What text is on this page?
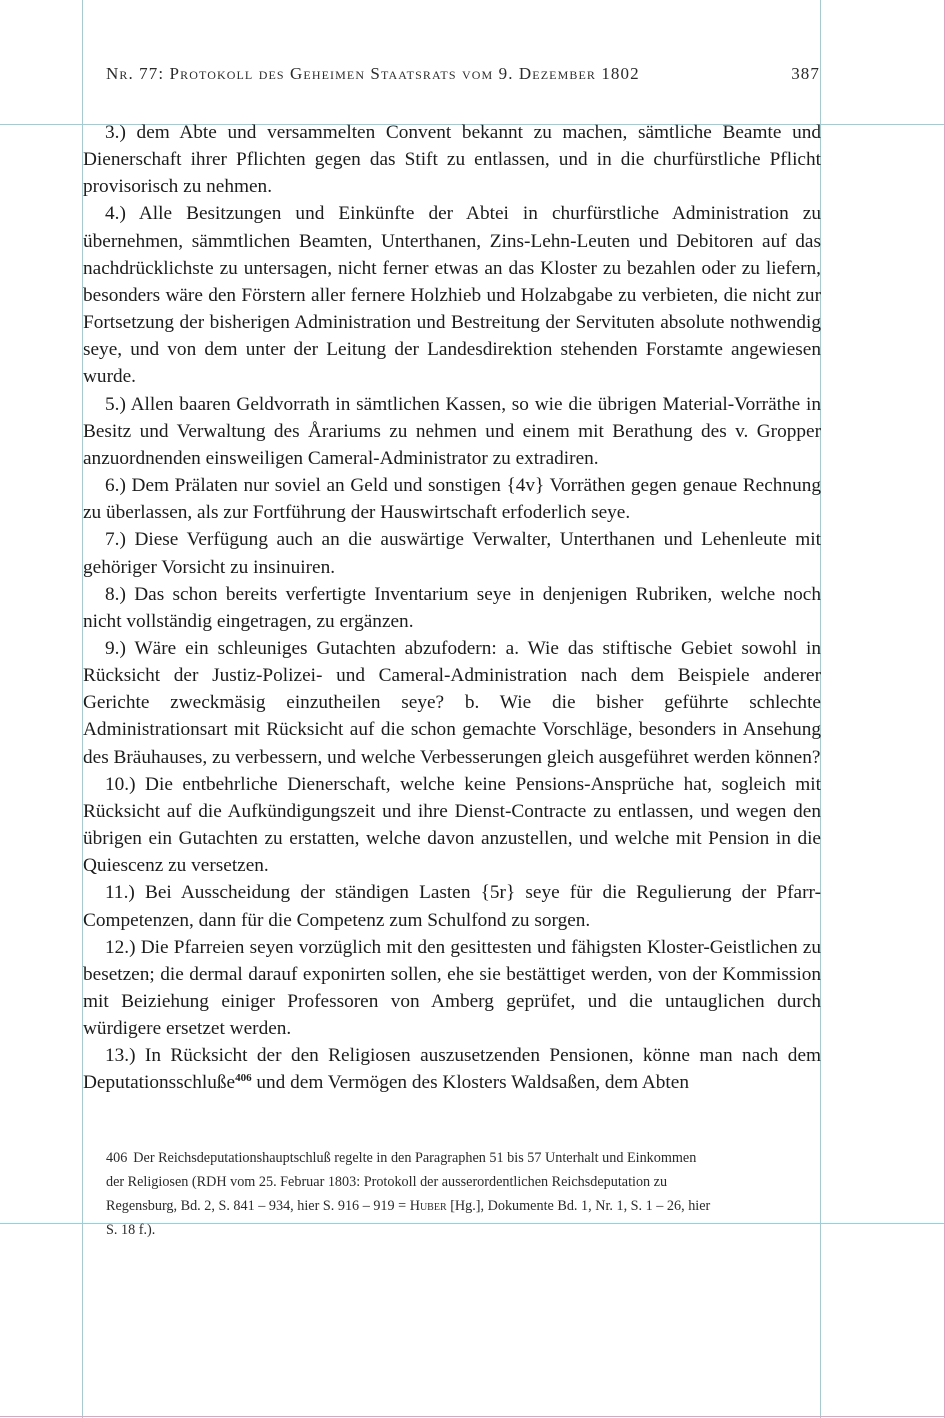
Nr. 77: Protokoll des Geheimen Staatsrats vom 9. Dezember 1802	387

3.) dem Abte und versammelten Convent bekannt zu machen, sämtliche Beamte und Dienerschaft ihrer Pflichten gegen das Stift zu entlassen, und in die churfürstliche Pflicht provisorisch zu nehmen.

4.) Alle Besitzungen und Einkünfte der Abtei in churfürstliche Administration zu übernehmen, sämmtlichen Beamten, Unterthanen, Zins-Lehn-Leuten und Debitoren auf das nachdrücklichste zu untersagen, nicht ferner etwas an das Kloster zu bezahlen oder zu liefern, besonders wäre den Förstern aller fernere Holzhieb und Holzabgabe zu verbieten, die nicht zur Fortsetzung der bisherigen Administration und Bestreitung der Servituten absolute nothwendig seye, und von dem unter der Leitung der Landesdirektion stehenden Forstamte angewiesen wurde.

5.) Allen baaren Geldvorrath in sämtlichen Kassen, so wie die übrigen Material-Vorräthe in Besitz und Verwaltung des Årariums zu nehmen und einem mit Berathung des v. Gropper anzuordnenden einsweiligen Cameral-Administrator zu extradiren.

6.) Dem Prälaten nur soviel an Geld und sonstigen {4v} Vorräthen gegen genaue Rechnung zu überlassen, als zur Fortführung der Hauswirtschaft erfoderlich seye.

7.) Diese Verfügung auch an die auswärtige Verwalter, Unterthanen und Lehenleute mit gehöriger Vorsicht zu insinuiren.

8.) Das schon bereits verfertigte Inventarium seye in denjenigen Rubriken, welche noch nicht vollständig eingetragen, zu ergänzen.

9.) Wäre ein schleuniges Gutachten abzufodern: a. Wie das stiftische Gebiet sowohl in Rücksicht der Justiz-Polizei- und Cameral-Administration nach dem Beispiele anderer Gerichte zweckmäsig einzutheilen seye? b. Wie die bisher geführte schlechte Administrationsart mit Rücksicht auf die schon gemachte Vorschläge, besonders in Ansehung des Bräuhauses, zu verbessern, und welche Verbesserungen gleich ausgeführet werden können?

10.) Die entbehrliche Dienerschaft, welche keine Pensions-Ansprüche hat, sogleich mit Rücksicht auf die Aufkündigungszeit und ihre Dienst-Contracte zu entlassen, und wegen den übrigen ein Gutachten zu erstatten, welche davon anzustellen, und welche mit Pension in die Quiescenz zu versetzen.

11.) Bei Ausscheidung der ständigen Lasten {5r} seye für die Regulierung der Pfarr-Competenzen, dann für die Competenz zum Schulfond zu sorgen.

12.) Die Pfarreien seyen vorzüglich mit den gesittesten und fähigsten Kloster-Geistlichen zu besetzen; die dermal darauf exponirten sollen, ehe sie bestättiget werden, von der Kommission mit Beiziehung einiger Professoren von Amberg geprüfet, und die untauglichen durch würdigere ersetzet werden.

13.) In Rücksicht der den Religiosen auszusetzenden Pensionen, könne man nach dem Deputationsschluße$^{406}$ und dem Vermögen des Klosters Waldsaßen, dem Abten

406 Der Reichsdeputationshauptschluß regelte in den Paragraphen 51 bis 57 Unterhalt und Einkommen der Religiosen (RDH vom 25. Februar 1803: Protokoll der ausserordentlichen Reichsdeputation zu Regensburg, Bd. 2, S. 841 – 934, hier S. 916 – 919 = Huber [Hg.], Dokumente Bd. 1, Nr. 1, S. 1 – 26, hier S. 18 f.).
